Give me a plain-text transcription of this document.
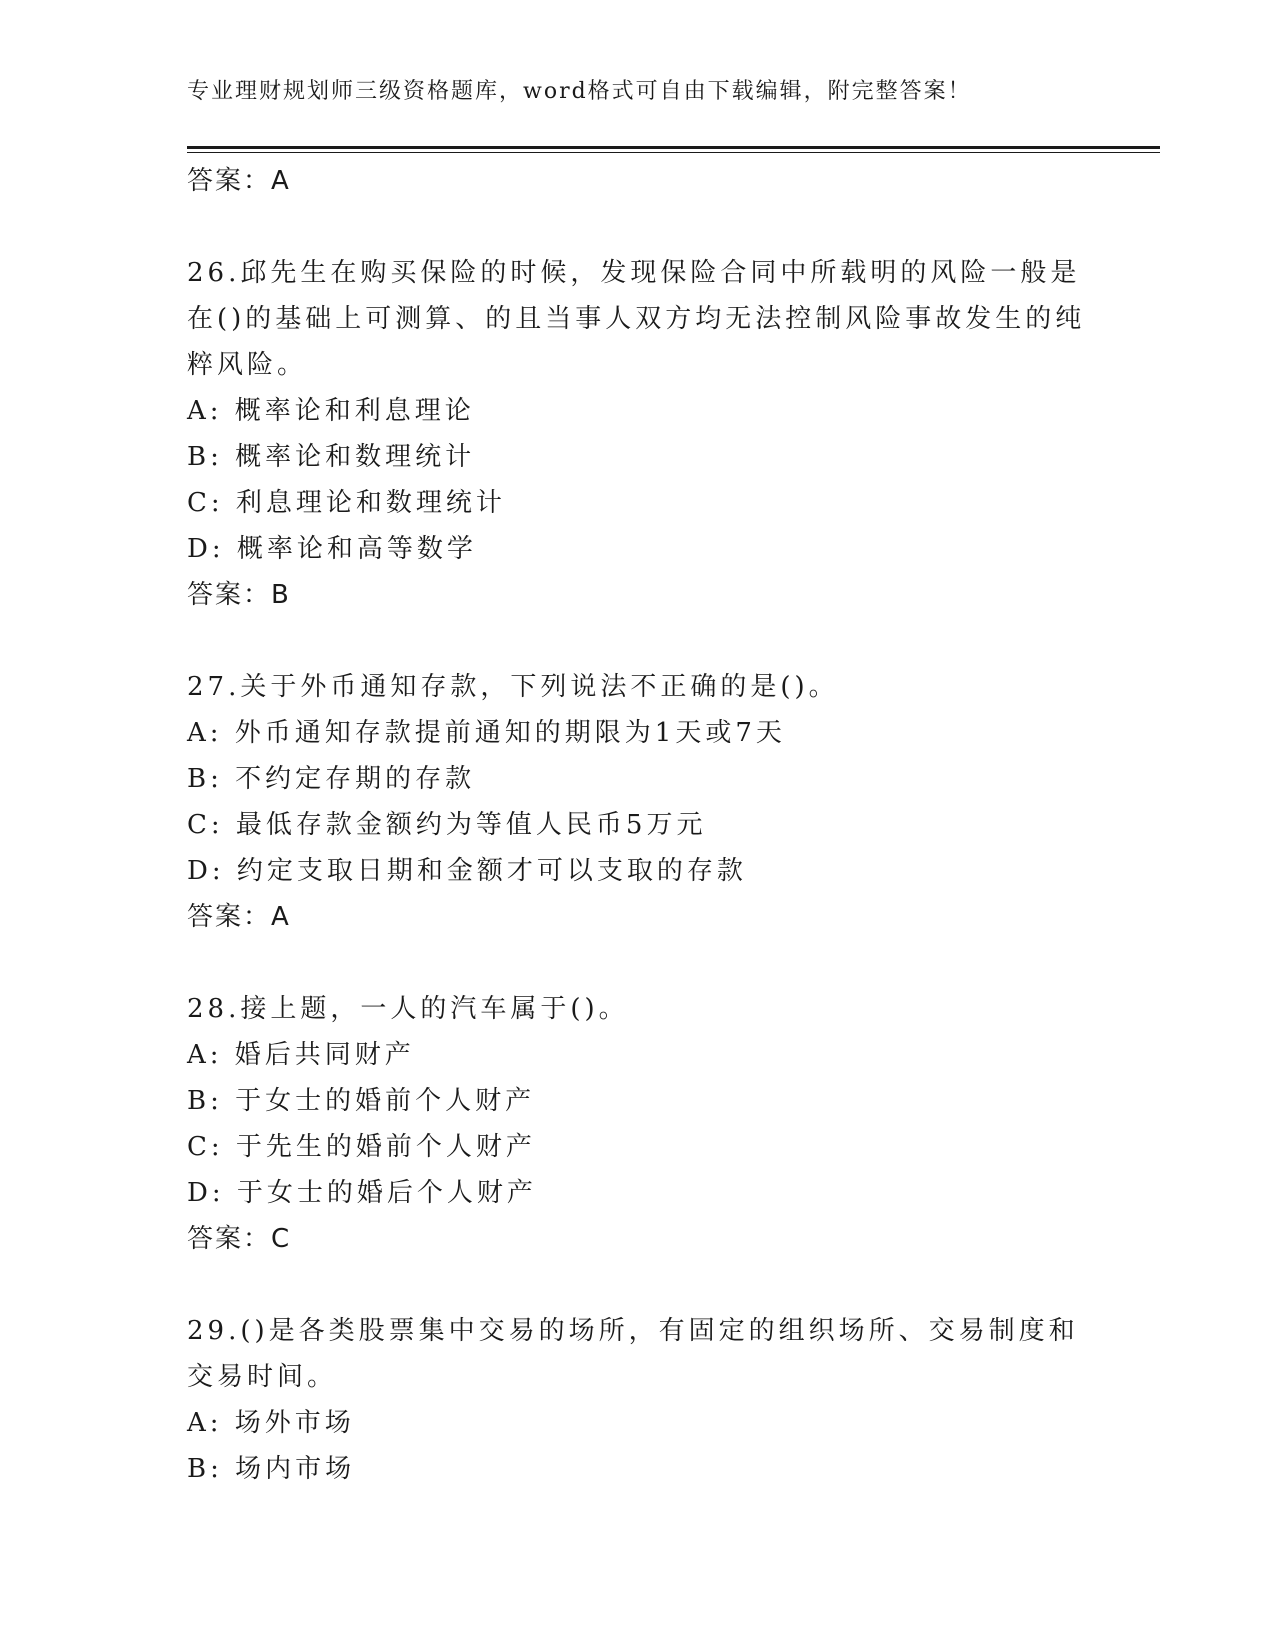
专业理财规划师三级资格题库，word格式可自由下载编辑，附完整答案！
答案：A
26.邱先生在购买保险的时候，发现保险合同中所载明的风险一般是在()的基础上可测算、的且当事人双方均无法控制风险事故发生的纯粹风险。
A: 概率论和利息理论
B: 概率论和数理统计
C: 利息理论和数理统计
D: 概率论和高等数学
答案：B
27.关于外币通知存款，下列说法不正确的是()。
A: 外币通知存款提前通知的期限为1天或7天
B: 不约定存期的存款
C: 最低存款金额约为等值人民币5万元
D: 约定支取日期和金额才可以支取的存款
答案：A
28.接上题，一人的汽车属于()。
A: 婚后共同财产
B: 于女士的婚前个人财产
C: 于先生的婚前个人财产
D: 于女士的婚后个人财产
答案：C
29.()是各类股票集中交易的场所，有固定的组织场所、交易制度和交易时间。
A: 场外市场
B: 场内市场
